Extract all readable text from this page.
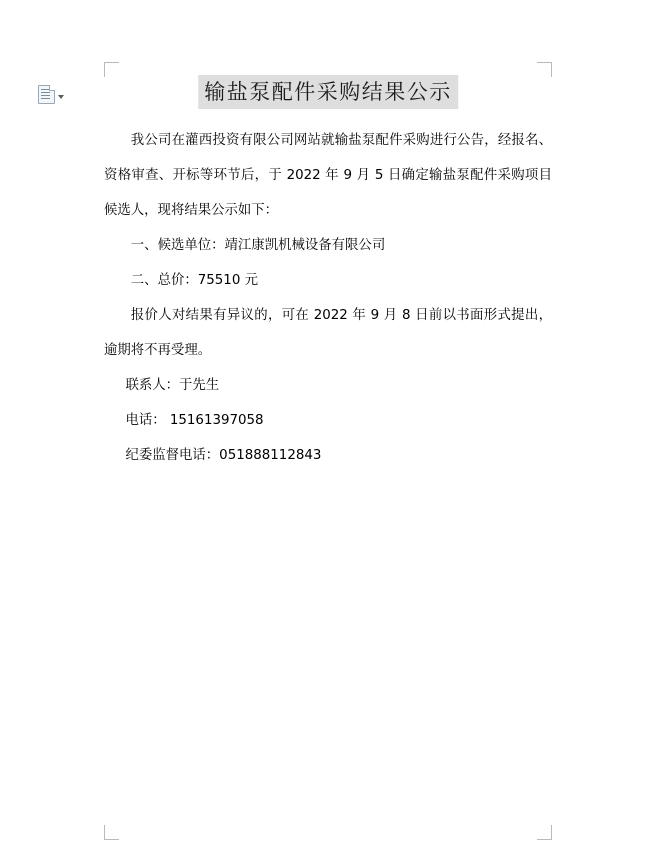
输盐泵配件采购结果公示

我公司在灌西投资有限公司网站就输盐泵配件采购进行公告，经报名、资格审查、开标等环节后，于 2022 年 9 月 5 日确定输盐泵配件采购项目候选人，现将结果公示如下：

一、候选单位：靖江康凯机械设备有限公司

二、总价：75510 元

报价人对结果有异议的，可在 2022 年 9 月 8 日前以书面形式提出，逾期将不再受理。

联系人：于先生

电话： 15161397058

纪委监督电话：051888112843
